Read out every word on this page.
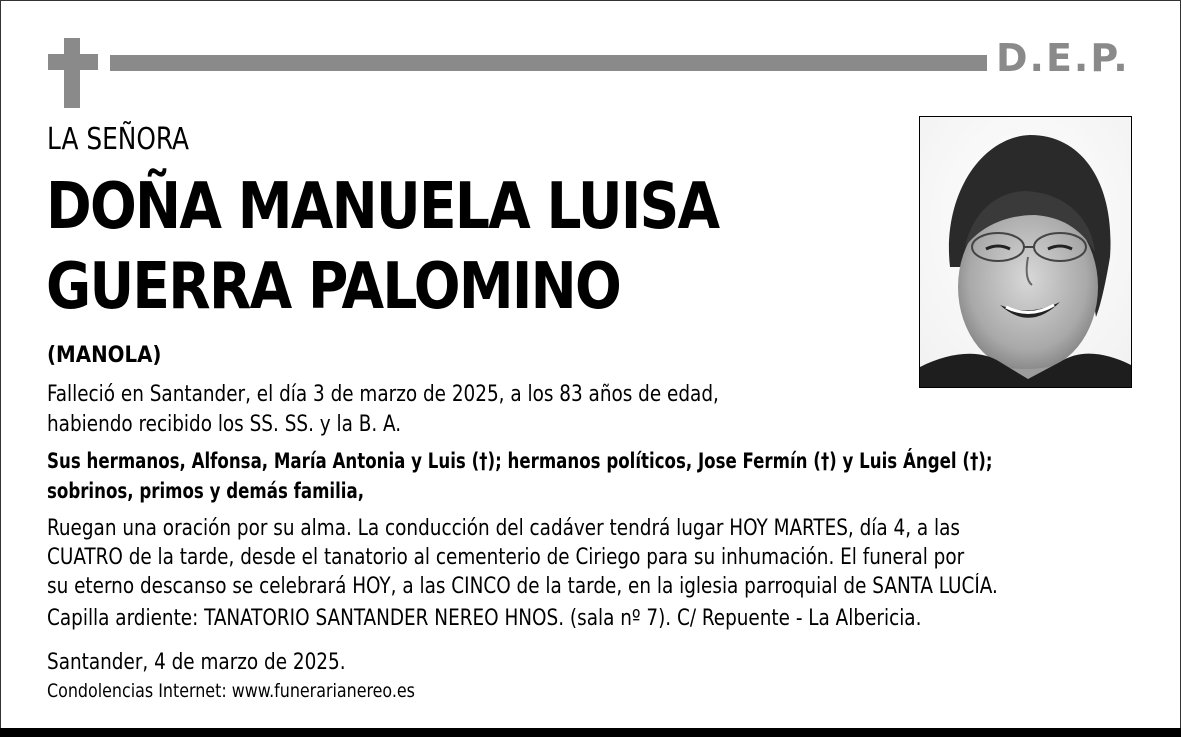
D.E.P.
LA SEÑORA
DOÑA MANUELA LUISA
GUERRA PALOMINO
(MANOLA)
Falleció en Santander, el día 3 de marzo de 2025, a los 83 años de edad,
habiendo recibido los SS. SS. y la B. A.
Sus hermanos, Alfonsa, María Antonia y Luis (†); hermanos políticos, Jose Fermín (†) y Luis Ángel (†);
sobrinos, primos y demás familia,
Ruegan una oración por su alma. La conducción del cadáver tendrá lugar HOY MARTES, día 4, a las
CUATRO de la tarde, desde el tanatorio al cementerio de Ciriego para su inhumación. El funeral por
su eterno descanso se celebrará HOY, a las CINCO de la tarde, en la iglesia parroquial de SANTA LUCÍA.
Capilla ardiente: TANATORIO SANTANDER NEREO HNOS. (sala nº 7). C/ Repuente - La Albericia.
Santander, 4 de marzo de 2025.
Condolencias Internet: www.funerarianereo.es
